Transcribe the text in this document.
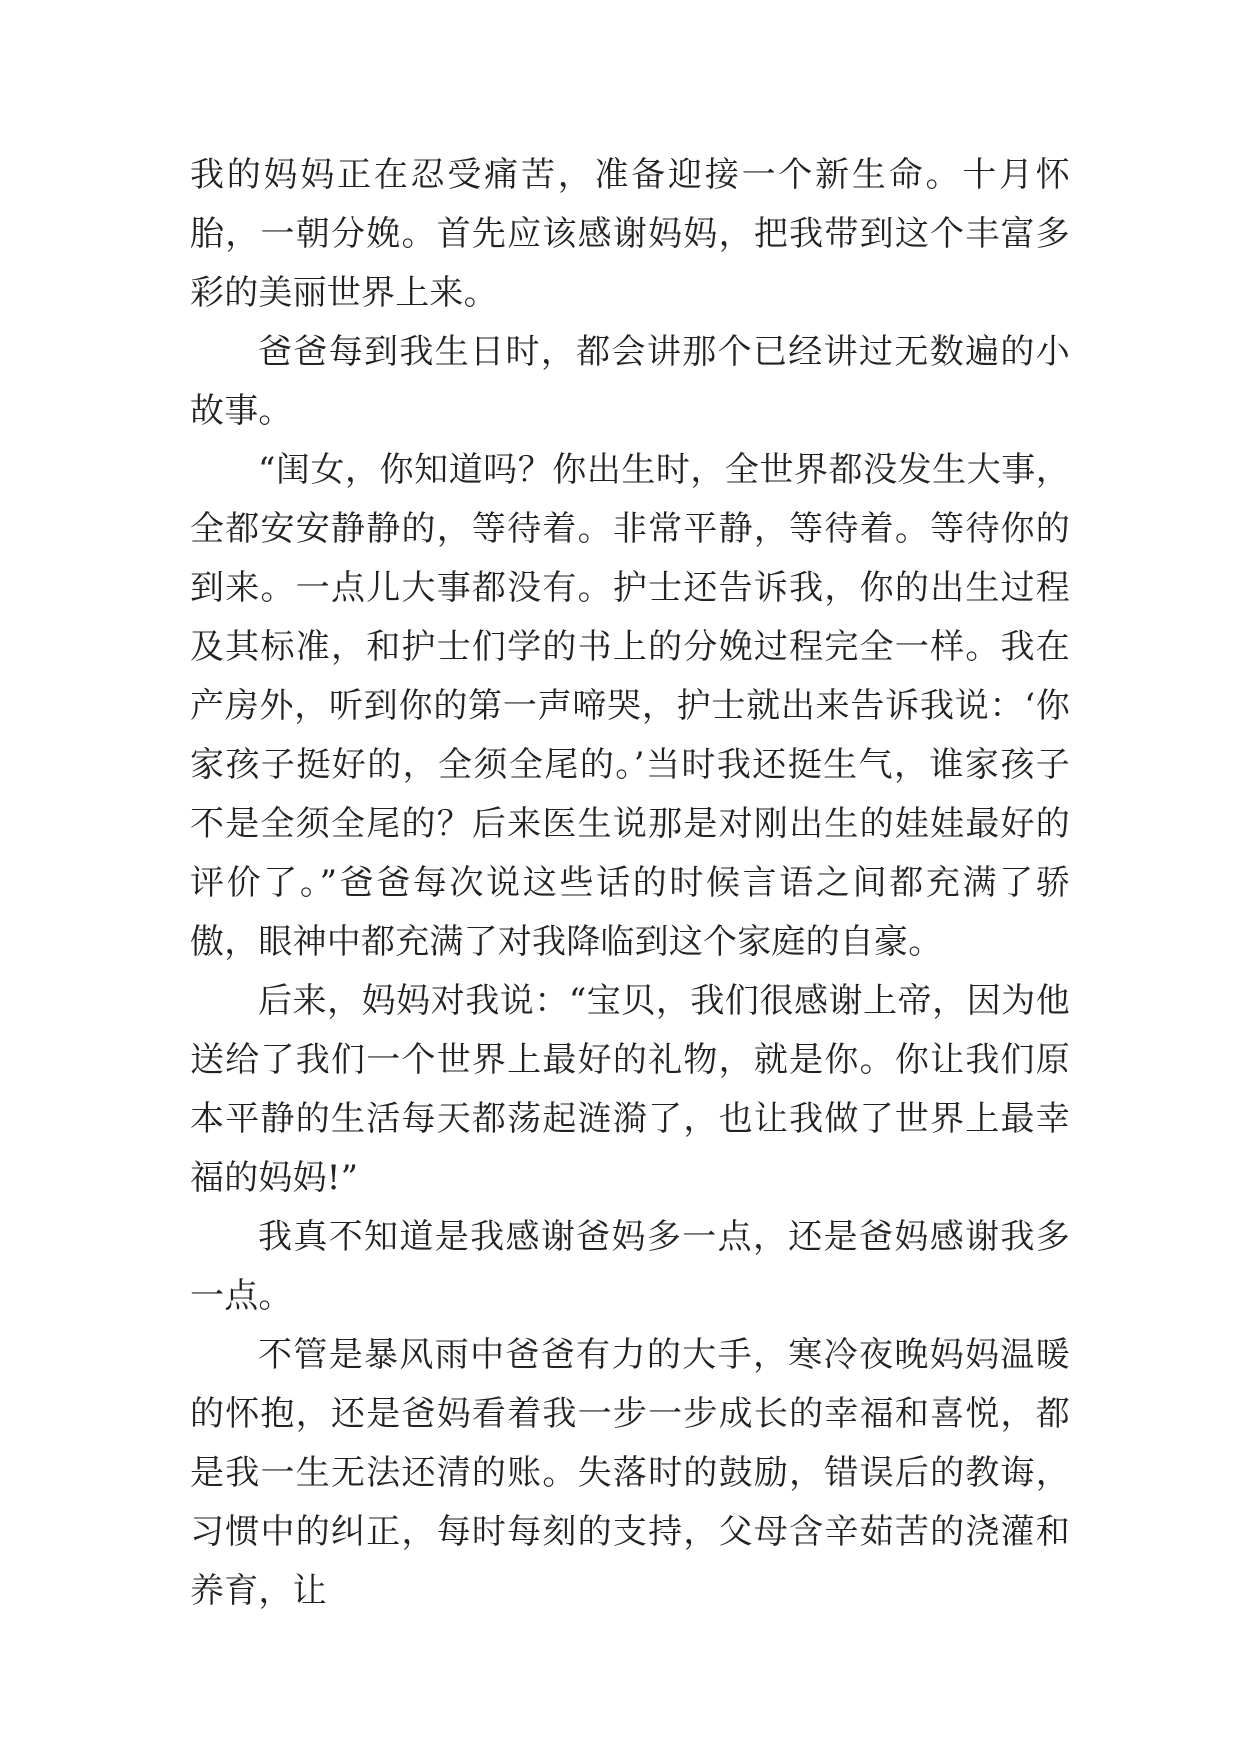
我的妈妈正在忍受痛苦，准备迎接一个新生命。十月怀胎，一朝分娩。首先应该感谢妈妈，把我带到这个丰富多彩的美丽世界上来。

爸爸每到我生日时，都会讲那个已经讲过无数遍的小故事。

“闺女，你知道吗？你出生时，全世界都没发生大事，全都安安静静的，等待着。非常平静，等待着。等待你的到来。一点儿大事都没有。护士还告诉我，你的出生过程及其标准，和护士们学的书上的分娩过程完全一样。我在产房外，听到你的第一声啼哭，护士就出来告诉我说：‘你家孩子挺好的，全须全尾的。’当时我还挺生气，谁家孩子不是全须全尾的？后来医生说那是对刚出生的娃娃最好的评价了。”爸爸每次说这些话的时候言语之间都充满了骄傲，眼神中都充满了对我降临到这个家庭的自豪。

后来，妈妈对我说：“宝贝，我们很感谢上帝，因为他送给了我们一个世界上最好的礼物，就是你。你让我们原本平静的生活每天都荡起涟漪了，也让我做了世界上最幸福的妈妈!”

我真不知道是我感谢爸妈多一点，还是爸妈感谢我多一点。

不管是暴风雨中爸爸有力的大手，寒冷夜晚妈妈温暖的怀抱，还是爸妈看着我一步一步成长的幸福和喜悦，都是我一生无法还清的账。失落时的鼓励，错误后的教诲，习惯中的纠正，每时每刻的支持，父母含辛茹苦的浇灌和养育，让
